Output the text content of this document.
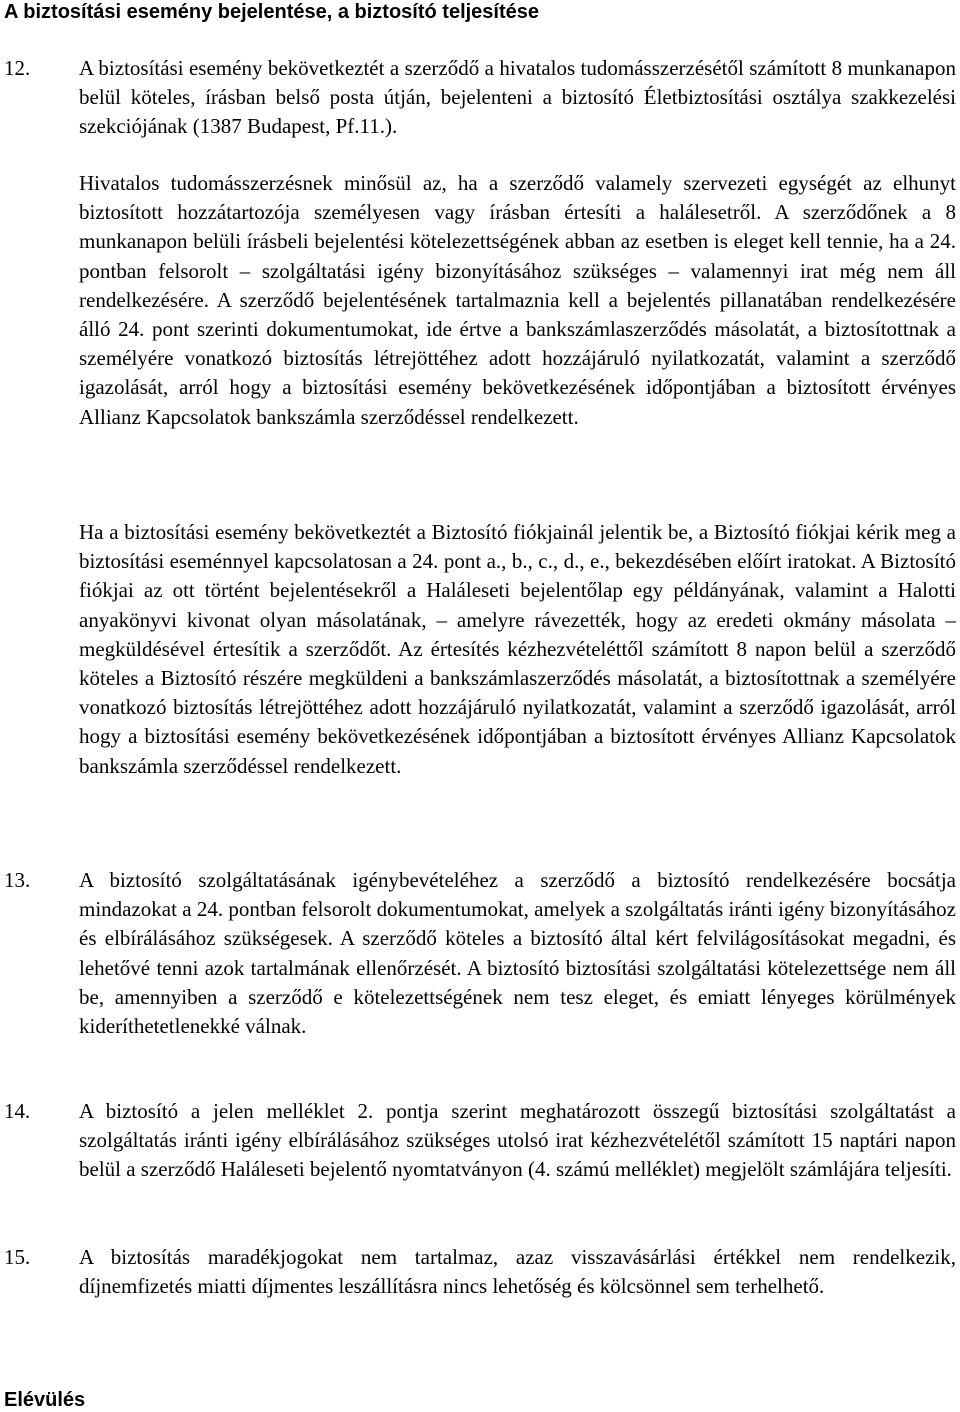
A biztosítási esemény bejelentése, a biztosító teljesítése
12. A biztosítási esemény bekövetkeztét a szerződő a hivatalos tudomásszerzésétől számított 8 munkanapon belül köteles, írásban belső posta útján, bejelenteni a biztosító Életbiztosítási osztálya szakkezelési szekciójának (1387 Budapest, Pf.11.).

Hivatalos tudomásszerzésnek minősül az, ha a szerződő valamely szervezeti egységét az elhunyt biztosított hozzátartozója személyesen vagy írásban értesíti a halálesetről. A szerződőnek a 8 munkanapon belüli írásbeli bejelentési kötelezettségének abban az esetben is eleget kell tennie, ha a 24. pontban felsorolt – szolgáltatási igény bizonyításához szükséges – valamennyi irat még nem áll rendelkezésére. A szerződő bejelentésének tartalmaznia kell a bejelentés pillanatában rendelkezésére álló 24. pont szerinti dokumentumokat, ide értve a bankszámlaszerződés másolatát, a biztosítottnak a személyére vonatkozó biztosítás létrejöttéhez adott hozzájáruló nyilatkozatát, valamint a szerződő igazolását, arról hogy a biztosítási esemény bekövetkezésének időpontjában a biztosított érvényes Allianz Kapcsolatok bankszámla szerződéssel rendelkezett.

Ha a biztosítási esemény bekövetkeztét a Biztosító fiókjainál jelentik be, a Biztosító fiókjai kérik meg a biztosítási eseménnyel kapcsolatosan a 24. pont a., b., c., d., e., bekezdésében előírt iratokat. A Biztosító fiókjai az ott történt bejelentésekről a Haláleseti bejelentőlap egy példányának, valamint a Halotti anyakönyvi kivonat olyan másolatának, – amelyre rávezették, hogy az eredeti okmány másolata – megküldésével értesítik a szerződőt. Az értesítés kézhezvételéttől számított 8 napon belül a szerződő köteles a Biztosító részére megküldeni a bankszámlaszerződés másolatát, a biztosítottnak a személyére vonatkozó biztosítás létrejöttéhez adott hozzájáruló nyilatkozatát, valamint a szerződő igazolását, arról hogy a biztosítási esemény bekövetkezésének időpontjában a biztosított érvényes Allianz Kapcsolatok bankszámla szerződéssel rendelkezett.

13. A biztosító szolgáltatásának igénybevételéhez a szerződő a biztosító rendelkezésére bocsátja mindazokat a 24. pontban felsorolt dokumentumokat, amelyek a szolgáltatás iránti igény bizonyításához és elbírálásához szükségesek. A szerződő köteles a biztosító által kért felvilágosításokat megadni, és lehetővé tenni azok tartalmának ellenőrzését. A biztosító biztosítási szolgáltatási kötelezettsége nem áll be, amennyiben a szerződő e kötelezettségének nem tesz eleget, és emiatt lényeges körülmények kideríthetetlenekké válnak.

14. A biztosító a jelen melléklet 2. pontja szerint meghatározott összegű biztosítási szolgáltatást a szolgáltatás iránti igény elbírálásához szükséges utolsó irat kézhezvételétől számított 15 naptári napon belül a szerződő Haláleseti bejelentő nyomtatványon (4. számú melléklet) megjelölt számlájára teljesíti.

15. A biztosítás maradékjogokat nem tartalmaz, azaz visszavásárlási értékkel nem rendelkezik, díjnemfizetés miatti díjmentes leszállításra nincs lehetőség és kölcsönnel sem terhelhető.

Elévülés
